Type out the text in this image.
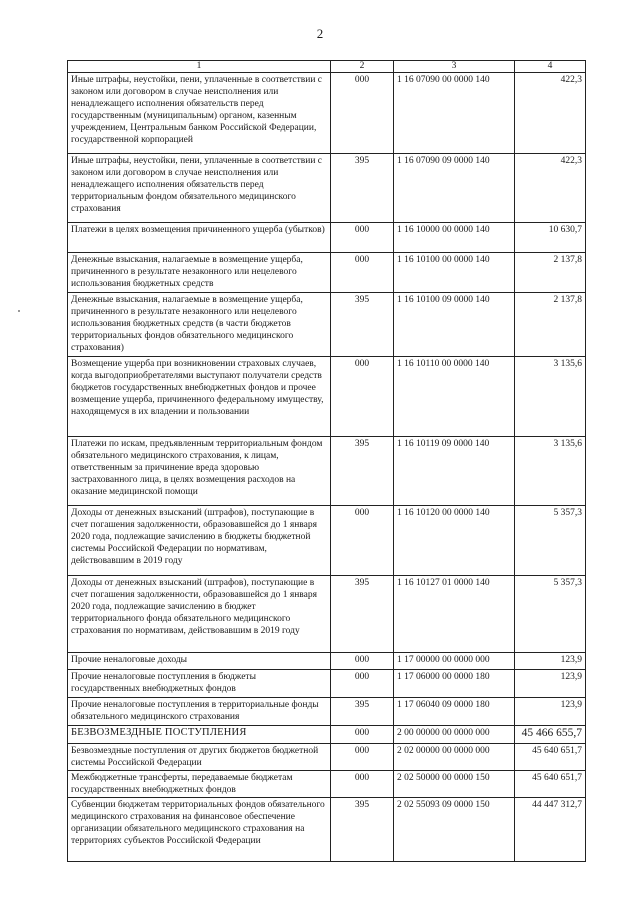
2
1	2	3	4
Иные штрафы, неустойки, пени, уплаченные в соответствии с законом или договором в случае неисполнения или ненадлежащего исполнения обязательств перед государственным (муниципальным) органом, казенным учреждением, Центральным банком Российской Федерации, государственной корпорацией	000	1 16 07090 00 0000 140	422,3
Иные штрафы, неустойки, пени, уплаченные в соответствии с законом или договором в случае неисполнения или ненадлежащего исполнения обязательств перед территориальным фондом обязательного медицинского страхования	395	1 16 07090 09 0000 140	422,3
Платежи в целях возмещения причиненного ущерба (убытков)	000	1 16 10000 00 0000 140	10 630,7
Денежные взыскания, налагаемые в возмещение ущерба, причиненного в результате незаконного или нецелевого использования бюджетных средств	000	1 16 10100 00 0000 140	2 137,8
Денежные взыскания, налагаемые в возмещение ущерба, причиненного в результате незаконного или нецелевого использования бюджетных средств (в части бюджетов территориальных фондов обязательного медицинского страхования)	395	1 16 10100 09 0000 140	2 137,8
Возмещение ущерба при возникновении страховых случаев, когда выгодоприобретателями выступают получатели средств бюджетов государственных внебюджетных фондов и прочее возмещение ущерба, причиненного федеральному имуществу, находящемуся в их владении и пользовании	000	1 16 10110 00 0000 140	3 135,6
Платежи по искам, предъявленным территориальным фондом обязательного медицинского страхования, к лицам, ответственным за причинение вреда здоровью застрахованного лица, в целях возмещения расходов на оказание медицинской помощи	395	1 16 10119 09 0000 140	3 135,6
Доходы от денежных взысканий (штрафов), поступающие в счет погашения задолженности, образовавшейся до 1 января 2020 года, подлежащие зачислению в бюджеты бюджетной системы Российской Федерации по нормативам, действовавшим в 2019 году	000	1 16 10120 00 0000 140	5 357,3
Доходы от денежных взысканий (штрафов), поступающие в счет погашения задолженности, образовавшейся до 1 января 2020 года, подлежащие зачислению в бюджет территориального фонда обязательного медицинского страхования по нормативам, действовавшим в 2019 году	395	1 16 10127 01 0000 140	5 357,3
Прочие неналоговые доходы	000	1 17 00000 00 0000 000	123,9
Прочие неналоговые поступления в бюджеты государственных внебюджетных фондов	000	1 17 06000 00 0000 180	123,9
Прочие неналоговые поступления в территориальные фонды обязательного медицинского страхования	395	1 17 06040 09 0000 180	123,9
БЕЗВОЗМЕЗДНЫЕ ПОСТУПЛЕНИЯ	000	2 00 00000 00 0000 000	45 466 655,7
Безвозмездные поступления от других бюджетов бюджетной системы Российской Федерации	000	2 02 00000 00 0000 000	45 640 651,7
Межбюджетные трансферты, передаваемые бюджетам государственных внебюджетных фондов	000	2 02 50000 00 0000 150	45 640 651,7
Субвенции бюджетам территориальных фондов обязательного медицинского страхования на финансовое обеспечение организации обязательного медицинского страхования на территориях субъектов Российской Федерации	395	2 02 55093 09 0000 150	44 447 312,7
